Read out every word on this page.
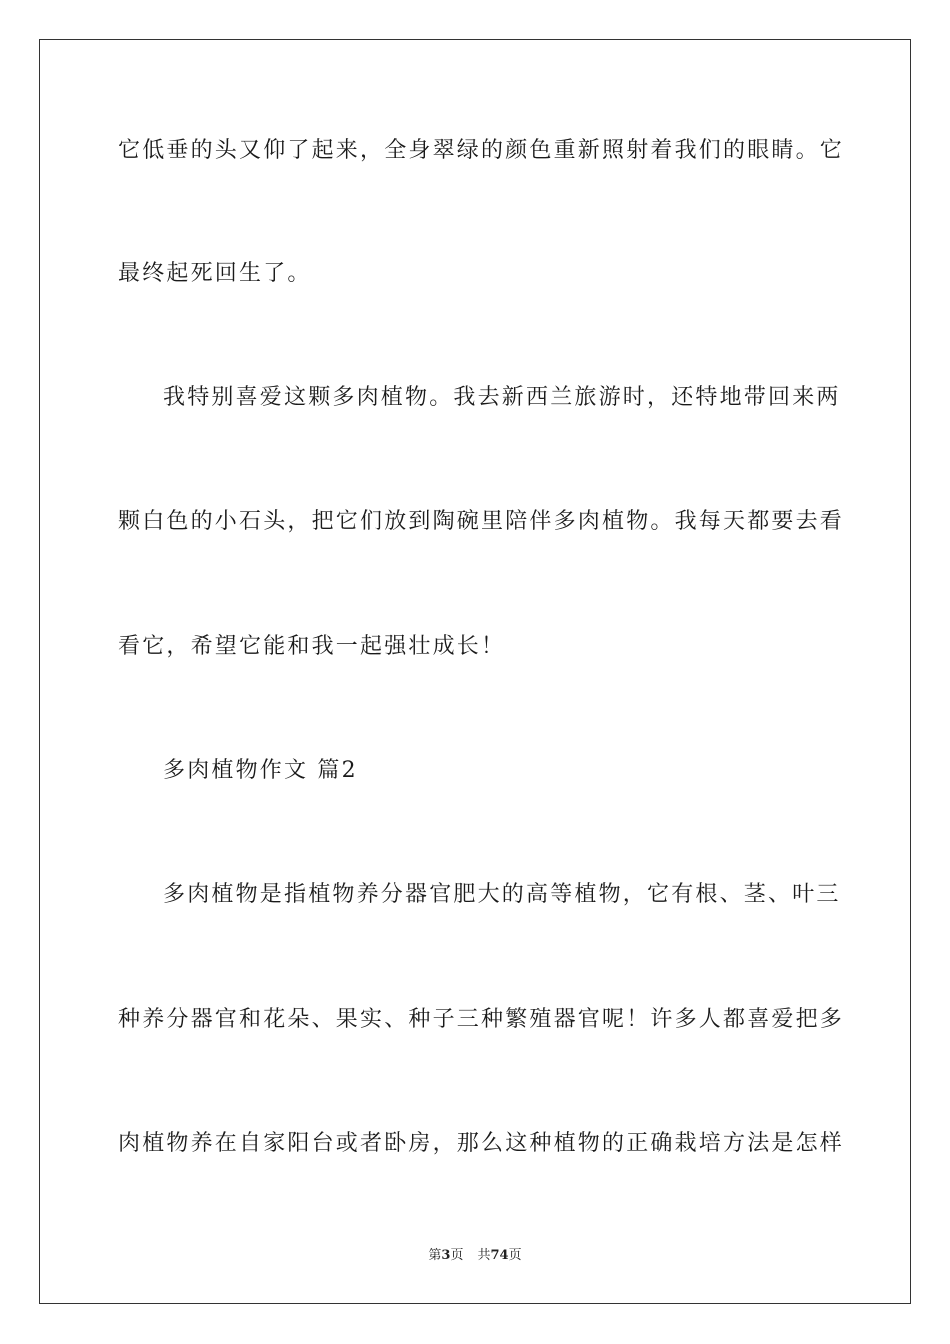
它低垂的头又仰了起来，全身翠绿的颜色重新照射着我们的眼睛。它
最终起死回生了。
我特别喜爱这颗多肉植物。我去新西兰旅游时，还特地带回来两
颗白色的小石头，把它们放到陶碗里陪伴多肉植物。我每天都要去看
看它，希望它能和我一起强壮成长！
多肉植物作文 篇2
多肉植物是指植物养分器官肥大的高等植物，它有根、茎、叶三
种养分器官和花朵、果实、种子三种繁殖器官呢！许多人都喜爱把多
肉植物养在自家阳台或者卧房，那么这种植物的正确栽培方法是怎样
第3页 共74页
